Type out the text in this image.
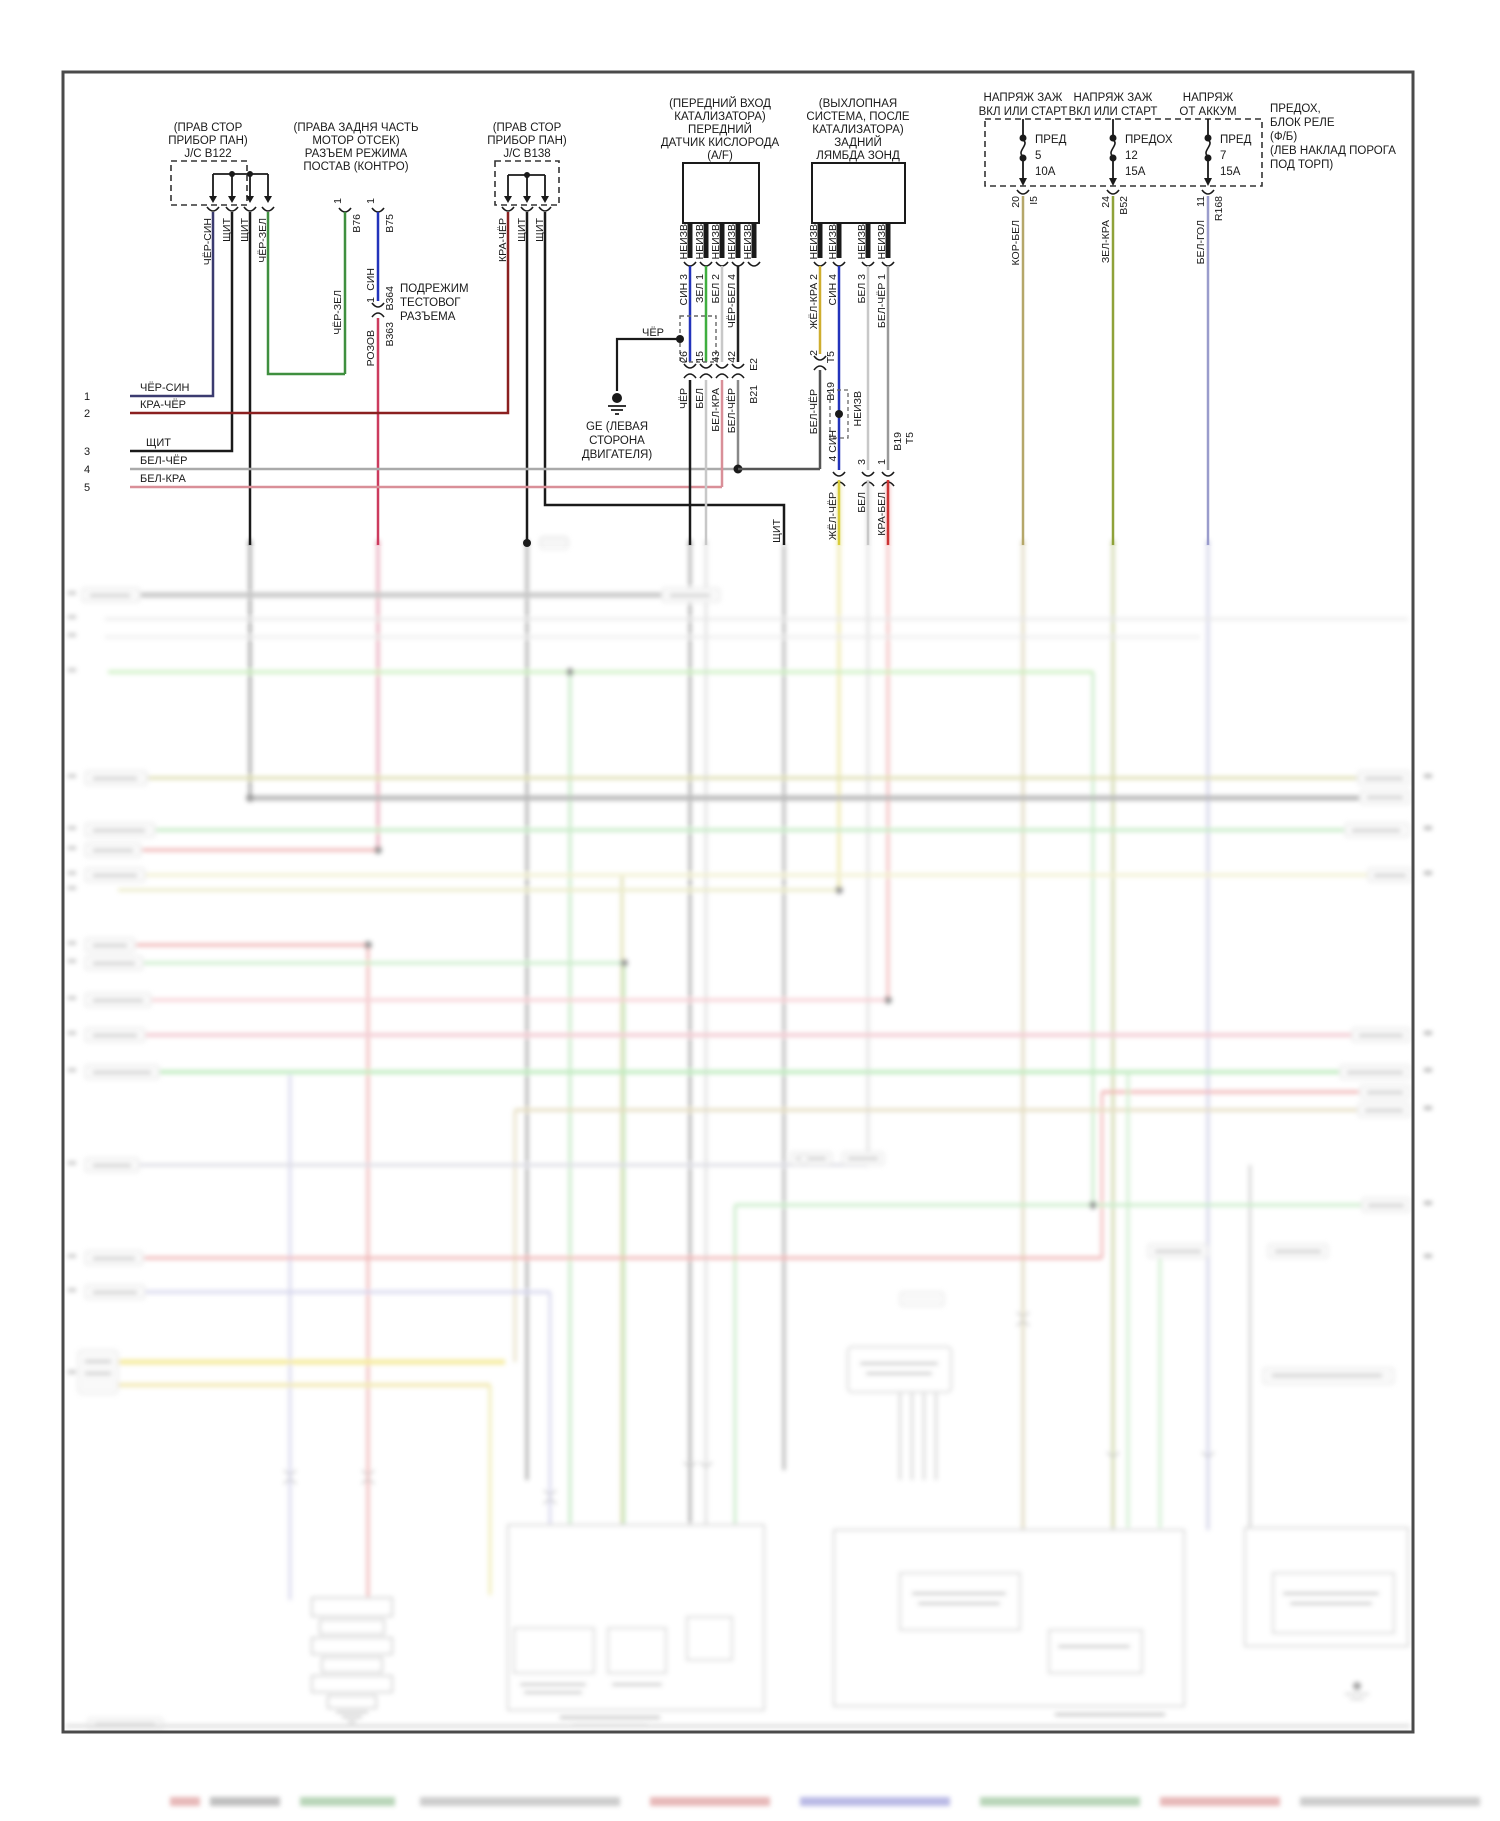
(ПРАВ СТОР
ПРИБОР ПАН)
J/C B122
ЧЁР-СИН ЩИТ ЩИТ ЧЁР-ЗЕЛ
(ПРАВА ЗАДНЯ ЧАСТЬ
МОТОР ОТСЕК)
РАЗЪЕМ РЕЖИМА
ПОСТАВ (КОНТРО)
1
B76
ЧЁР-ЗЕЛ
1
B75
СИН
1 B364
B363
РОЗОВ
ПОДРЕЖИМ
ТЕСТОВОГ
РАЗЪЕМА
(ПРАВ СТОР
ПРИБОР ПАН)
J/C B138
КРА-ЧЁР ЩИТ ЩИТ
ЩИТ
1
ЧЁР-СИН
2
КРА-ЧЁР
3
ЩИТ
4
БЕЛ-ЧЁР
5
БЕЛ-КРА
(ПЕРЕДНИЙ ВХОД
КАТАЛИЗАТОРА)
ПЕРЕДНИЙ
ДАТЧИК КИСЛОРОДА
(A/F)
НЕИЗВ НЕИЗВ НЕИЗВ НЕИЗВ НЕИЗВ
СИН 3 ЗЕЛ 1 БЕЛ 2 ЧЁР-БЕЛ 4
26 15 43 42
E2
B21
ЧЁР БЕЛ БЕЛ-КРА БЕЛ-ЧЁР
ЧЁР
GE (ЛЕВАЯ
СТОРОНА
ДВИГАТЕЛЯ)
(ВЫХЛОПНАЯ
СИСТЕМА, ПОСЛЕ
КАТАЛИЗАТОРА)
ЗАДНИЙ
ЛЯМБДА ЗОНД
НЕИЗВ НЕИЗВ НЕИЗВ НЕИЗВ
ЖЁЛ-КРА 2 СИН 4 БЕЛ 3 БЕЛ-ЧЁР 1
2 Т5
В19
БЕЛ-ЧЁР	НЕИЗВ
4 СИН
3 1
В19 Т5
ЖЁЛ-ЧЁР БЕЛ КРА-БЕЛ
НАПРЯЖ ЗАЖ
ВКЛ ИЛИ СТАРТ
НАПРЯЖ ЗАЖ
ВКЛ ИЛИ СТАРТ
НАПРЯЖ
ОТ АККУМ
ПРЕД
5
10А
20 I5
КОР-БЕЛ
ПРЕДОХ
12
15А
24 B52
ЗЕЛ-КРА
ПРЕД
7
15А
11 R168
БЕЛ-ГОЛ
ПРЕДОХ,
БЛОК РЕЛЕ
(Ф/Б)
(ЛЕВ НАКЛАД ПОРОГА
ПОД ТОРП)
